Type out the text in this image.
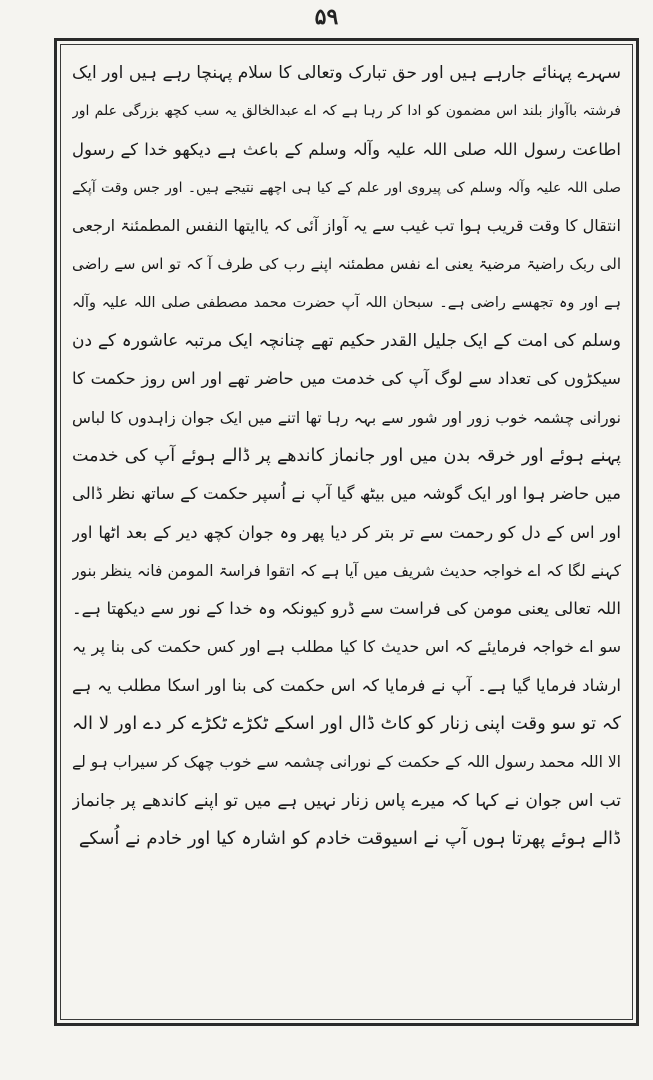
۵۹
سہرے پہنائے جارہے ہیں اور حق تبارک وتعالی کا سلام پہنچا رہے ہیں اور ایک
فرشتہ باآواز بلند اس مضمون کو ادا کر رہا ہے کہ اے عبدالخالق یہ سب کچھ بزرگی علم اور
اطاعت رسول اللہ صلی اللہ علیہ وآلہ وسلم کے باعث ہے دیکھو خدا کے رسول
صلی اللہ علیہ وآلہ وسلم کی پیروی اور علم کے کیا ہی اچھے نتیجے ہیں۔ اور جس وقت آپکے
انتقال کا وقت قریب ہوا تب غیب سے یہ آواز آئی کہ یاایتھا النفس المطمئنۃ ارجعی
الی ربک راضیۃ مرضیۃ یعنی اے نفس مطمئنہ اپنے رب کی طرف آ کہ تو اس سے راضی
ہے اور وہ تجھسے راضی ہے۔ سبحان اللہ آپ حضرت محمد مصطفی صلی اللہ علیہ وآلہ
وسلم کی امت کے ایک جلیل القدر حکیم تھے چنانچہ ایک مرتبہ عاشورہ کے دن
سیکڑوں کی تعداد سے لوگ آپ کی خدمت میں حاضر تھے اور اس روز حکمت کا
نورانی چشمہ خوب زور اور شور سے بہہ رہا تھا اتنے میں ایک جوان زاہدوں کا لباس
پہنے ہوئے اور خرقہ بدن میں اور جانماز کاندھے پر ڈالے ہوئے آپ کی خدمت
میں حاضر ہوا اور ایک گوشہ میں بیٹھ گیا آپ نے اُسپر حکمت کے ساتھ نظر ڈالی
اور اس کے دل کو رحمت سے تر بتر کر دیا پھر وہ جوان کچھ دیر کے بعد اٹھا اور
کہنے لگا کہ اے خواجہ حدیث شریف میں آیا ہے کہ اتقوا فراسۃ المومن فانہ ینظر بنور
اللہ تعالی یعنی مومن کی فراست سے ڈرو کیونکہ وہ خدا کے نور سے دیکھتا ہے۔
سو اے خواجہ فرمایئے کہ اس حدیث کا کیا مطلب ہے اور کس حکمت کی بنا پر یہ
ارشاد فرمایا گیا ہے۔ آپ نے فرمایا کہ اس حکمت کی بنا اور اسکا مطلب یہ ہے
کہ تو سو وقت اپنی زنار کو کاٹ ڈال اور اسکے ٹکڑے ٹکڑے کر دے اور لا الہ
الا اللہ محمد رسول اللہ کے حکمت کے نورانی چشمہ سے خوب چھک کر سیراب ہو لے
تب اس جوان نے کہا کہ میرے پاس زنار نہیں ہے میں تو اپنے کاندھے پر جانماز
ڈالے ہوئے پھرتا ہوں آپ نے اسیوقت خادم کو اشارہ کیا اور خادم نے اُسکے
